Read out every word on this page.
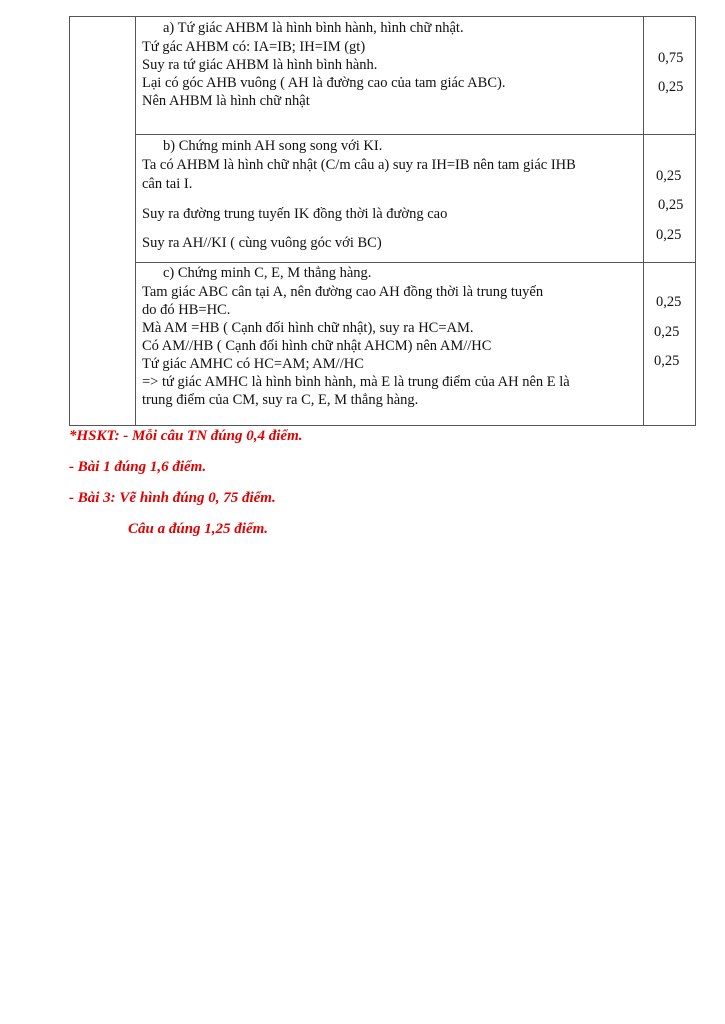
a) Tứ giác AHBM là hình bình hành, hình chữ nhật.
Tứ gác AHBM có: IA=IB; IH=IM (gt)
Suy ra tứ giác AHBM là hình bình hành.
Lại có góc AHB vuông ( AH là đường cao của tam giác ABC).
Nên AHBM là hình chữ nhật
0,75
0,25
b) Chứng minh AH song song với KI.
Ta có AHBM là hình chữ nhật (C/m câu a) suy ra IH=IB nên tam giác IHB
cân tai I.
Suy ra đường trung tuyến IK đồng thời là đường cao
Suy ra AH//KI ( cùng vuông góc với BC)
0,25
0,25
0,25
c) Chứng minh C, E, M thẳng hàng.
Tam giác ABC cân tại A, nên đường cao AH đồng thời là trung tuyến
do đó HB=HC.
Mà AM =HB ( Cạnh đối hình chữ nhật), suy ra HC=AM.
Có AM//HB ( Cạnh đối hình chữ nhật AHCM) nên AM//HC
Tứ giác AMHC có HC=AM; AM//HC
=> tứ giác AMHC là hình bình hành, mà E là trung điểm của AH nên E là
trung điểm của CM, suy ra C, E, M thẳng hàng.
0,25
0,25
0,25
*HSKT: - Mỗi câu TN đúng 0,4 điểm.
- Bài 1 đúng 1,6 điểm.
- Bài 3: Vẽ hình đúng 0, 75 điểm.
Câu a đúng 1,25 điểm.
